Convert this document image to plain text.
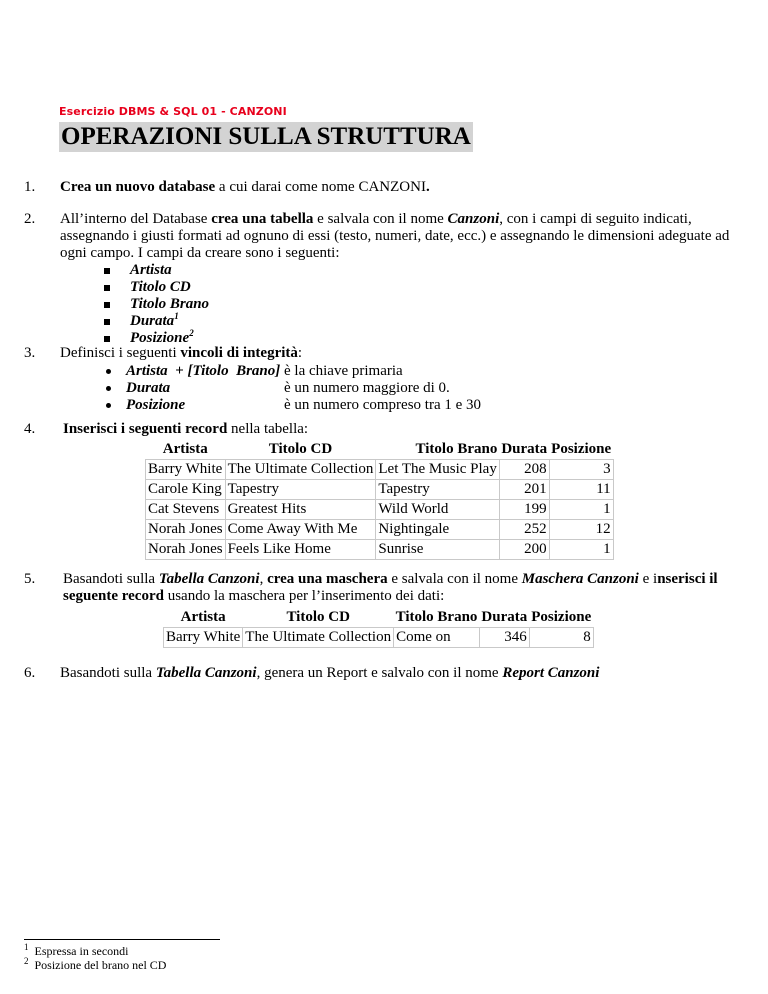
Esercizio DBMS & SQL 01 - CANZONI
OPERAZIONI SULLA STRUTTURA
1. Crea un nuovo database a cui darai come nome CANZONI.
2. All’interno del Database crea una tabella e salvala con il nome Canzoni, con i campi di seguito indicati, assegnando i giusti formati ad ognuno di essi (testo, numeri, date, ecc.) e assegnando le dimensioni adeguate ad ogni campo. I campi da creare sono i seguenti:
Artista
Titolo CD
Titolo Brano
Durata$^1$
Posizione$^2$
3. Definisci i seguenti vincoli di integrità:
Artista  + [Titolo  Brano] è la chiave primaria
Durata	è un numero maggiore di 0.
Posizione	è un numero compreso tra 1 e 30
4. Inserisci i seguenti record nella tabella:
Artista	Titolo CD	Titolo Brano	Durata	Posizione
Barry White	The Ultimate Collection	Let The Music Play	208	3
Carole King	Tapestry	Tapestry	201	11
Cat Stevens	Greatest Hits	Wild World	199	1
Norah Jones	Come Away With Me	Nightingale	252	12
Norah Jones	Feels Like Home	Sunrise	200	1
5. Basandoti sulla Tabella Canzoni, crea una maschera e salvala con il nome Maschera Canzoni e inserisci il seguente record usando la maschera per l’inserimento dei dati:
Artista	Titolo CD	Titolo Brano	Durata	Posizione
Barry White	The Ultimate Collection	Come on	346	8
6. Basandoti sulla Tabella Canzoni, genera un Report e salvalo con il nome Report Canzoni
$^1$ Espressa in secondi
$^2$ Posizione del brano nel CD
